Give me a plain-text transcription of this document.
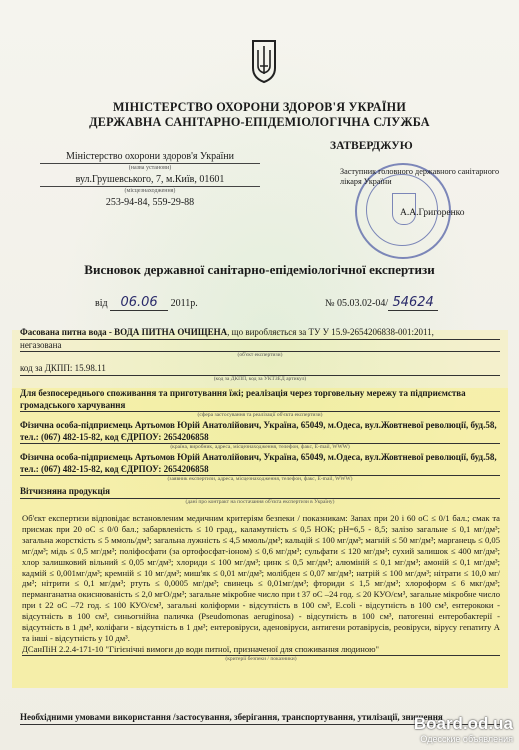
МІНІСТЕРСТВО ОХОРОНИ ЗДОРОВ'Я УКРАЇНИ
ДЕРЖАВНА САНІТАРНО-ЕПІДЕМІОЛОГІЧНА СЛУЖБА
Міністерство охорони здоров'я України
(назва установи)
вул.Грушевського, 7, м.Київ, 01601
(місцезнаходження)
253-94-84, 559-29-88
ЗАТВЕРДЖУЮ
Заступник головного державного санітарного лікаря України
А.А.Григоренко
Висновок державної санітарно-епідеміологічної експертизи
від 06.06 2011р.	№ 05.03.02-04/ 54624
Фасована питна вода - ВОДА ПИТНА ОЧИЩЕНА, що виробляється за ТУ У 15.9-2654206838-001:2011,
негазована
(об'єкт експертизи)
код за ДКПП: 15.98.11
(код за ДКПП, код за УКТЗЕД артикул)
Для безпосереднього споживання та приготування їжі; реалізація через торговельну мережу та підприємства громадського харчування
(сфера застосування та реалізації об'єкта експертизи)
Фізична особа-підприємець Артьомов Юрій Анатолійович, Україна, 65049, м.Одеса, вул.Жовтневої революції, буд.58, тел.: (067) 482-15-82, код ЄДРПОУ: 2654206858
(країна, виробник, адреса, місцезнаходження, телефон, факс, E-mail, WWW)
Фізична особа-підприємець Артьомов Юрій Анатолійович, Україна, 65049, м.Одеса, вул.Жовтневої революції, буд.58, тел.: (067) 482-15-82, код ЄДРПОУ: 2654206858
(заявник експертизи, адреса, місцезнаходження, телефон, факс, E-mail, WWW)
Вітчизняна продукція
(дані про контракт на постачання об'єкта експертизи в Україну)
Об'єкт експертизи відповідає встановленим медичним критеріям безпеки / показникам: Запах при 20 і 60 оС ≤ 0/1 бал.; смак та присмак при 20 оС ≤ 0/0 бал.; забарвленість ≤ 10 град., каламутність ≤ 0,5 НОК; рН=6,5 - 8,5; залізо загальне ≤ 0,1 мг/дм³; загальна жорсткість ≤ 5 ммоль/дм³; загальна лужність ≤ 4,5 ммоль/дм³; кальцій ≤ 100 мг/дм³; магній ≤ 50 мг/дм³; марганець ≤ 0,05 мг/дм³; мідь ≤ 0,5 мг/дм³; поліфосфати (за ортофосфат-іоном) ≤ 0,6 мг/дм³; сульфати ≤ 120 мг/дм³; сухий залишок ≤ 400 мг/дм³; хлор залишковий вільний ≤ 0,05 мг/дм³; хлориди ≤ 100 мг/дм³; цинк ≤ 0,5 мг/дм³; алюміній ≤ 0,1 мг/дм³; амоній ≤ 0,1 мг/дм³; кадмій ≤ 0,001мг/дм³; кремній ≤ 10 мг/дм³; миш'як ≤ 0,01 мг/дм³; молібден ≤ 0,07 мг/дм³; натрій ≤ 100 мг/дм³; нітрати ≤ 10,0 мг/дм³; нітрити ≤ 0,1 мг/дм³; ртуть ≤ 0,0005 мг/дм³; свинець ≤ 0,01мг/дм³; фториди ≤ 1,5 мг/дм³; хлороформ ≤ 6 мкг/дм³; перманганатна окиснюваність ≤ 2,0 мгО/дм³; загальне мікробне число при t 37 оС –24 год. ≤ 20 КУО/см³, загальне мікробне число при t 22 оС –72 год. ≤ 100 КУО/см³, загальні коліформи - відсутність в 100 см³, E.coli - відсутність в 100 см³, ентерококи - відсутність в 100 см³, синьогнійна паличка (Pseudomonas aeruginosa) - відсутність в 100 см³, патогенні ентеробактерії - відсутність в 1 дм³, коліфаги - відсутність в 1 дм³; ентеровіруси, аденовіруси, антигени ротавірусів, реовіруси, вірусу гепатиту А та інші - відсутність у 10 дм³.
ДСанПіН 2.2.4-171-10 "Гігієнічні вимоги до води питної, призначеної для споживання людиною"
(критерії безпеки / показники)
Необхідними умовами використання /застосування, зберігання, транспортування, утилізації, знищення
Board.od.ua
Одесские объявления
